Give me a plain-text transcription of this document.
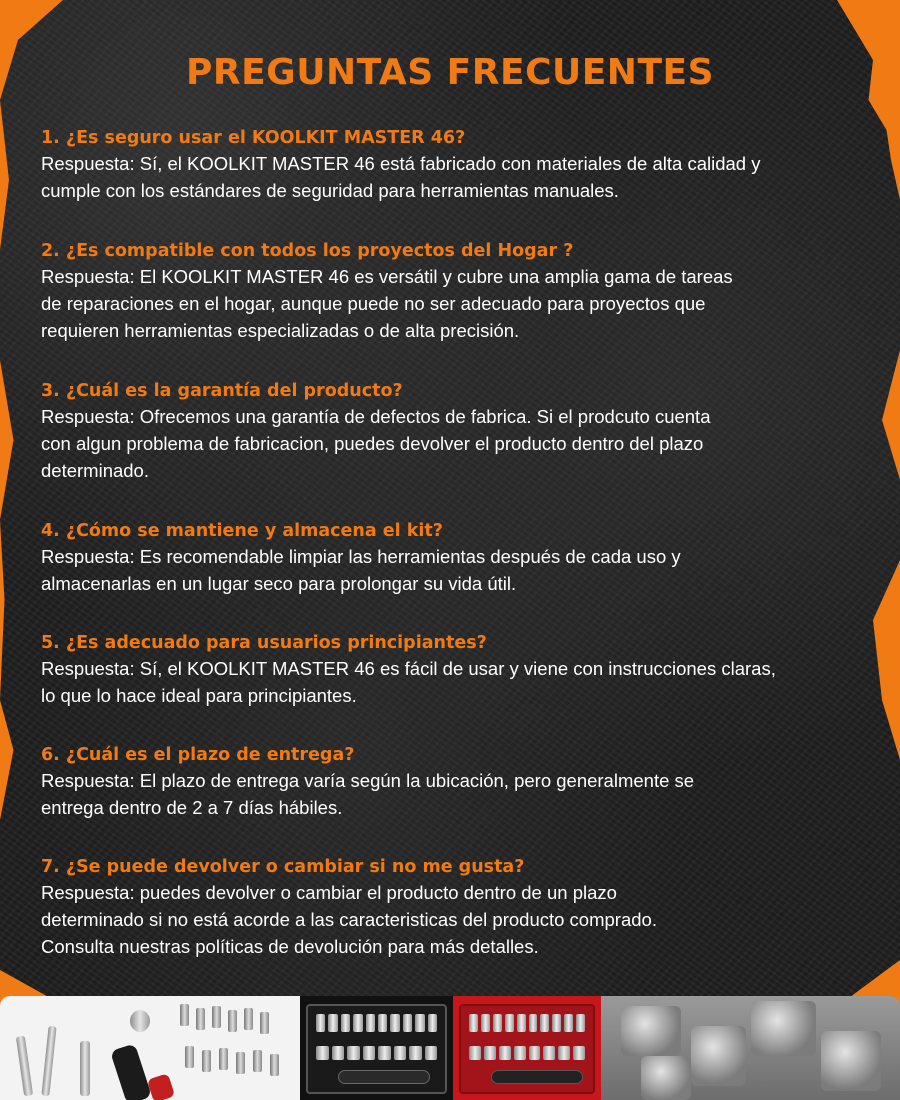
PREGUNTAS FRECUENTES

1. ¿Es seguro usar el KOOLKIT MASTER 46?

Respuesta: Sí, el KOOLKIT MASTER 46 está fabricado con materiales de alta calidad y
cumple con los estándares de seguridad para herramientas manuales.

2. ¿Es compatible con todos los proyectos del Hogar ?

Respuesta: El KOOLKIT MASTER 46 es versátil y cubre una amplia gama de tareas
de reparaciones en el hogar, aunque puede no ser adecuado para proyectos que
requieren herramientas especializadas o de alta precisión.

3. ¿Cuál es la garantía del producto?

Respuesta: Ofrecemos una garantía de defectos de fabrica. Si el prodcuto cuenta
con algun problema de fabricacion, puedes devolver el producto dentro del plazo
determinado.

4. ¿Cómo se mantiene y almacena el kit?

Respuesta: Es recomendable limpiar las herramientas después de cada uso y
almacenarlas en un lugar seco para prolongar su vida útil.

5. ¿Es adecuado para usuarios principiantes?

Respuesta: Sí, el KOOLKIT MASTER 46 es fácil de usar y viene con instrucciones claras,
lo que lo hace ideal para principiantes.

6. ¿Cuál es el plazo de entrega?

Respuesta: El plazo de entrega varía según la ubicación, pero generalmente se
entrega dentro de 2 a 7 días hábiles.

7. ¿Se puede devolver o cambiar si no me gusta?

Respuesta: puedes devolver o cambiar el producto dentro de un plazo
determinado si no está acorde a las caracteristicas del producto comprado.
Consulta nuestras políticas de devolución para más detalles.
